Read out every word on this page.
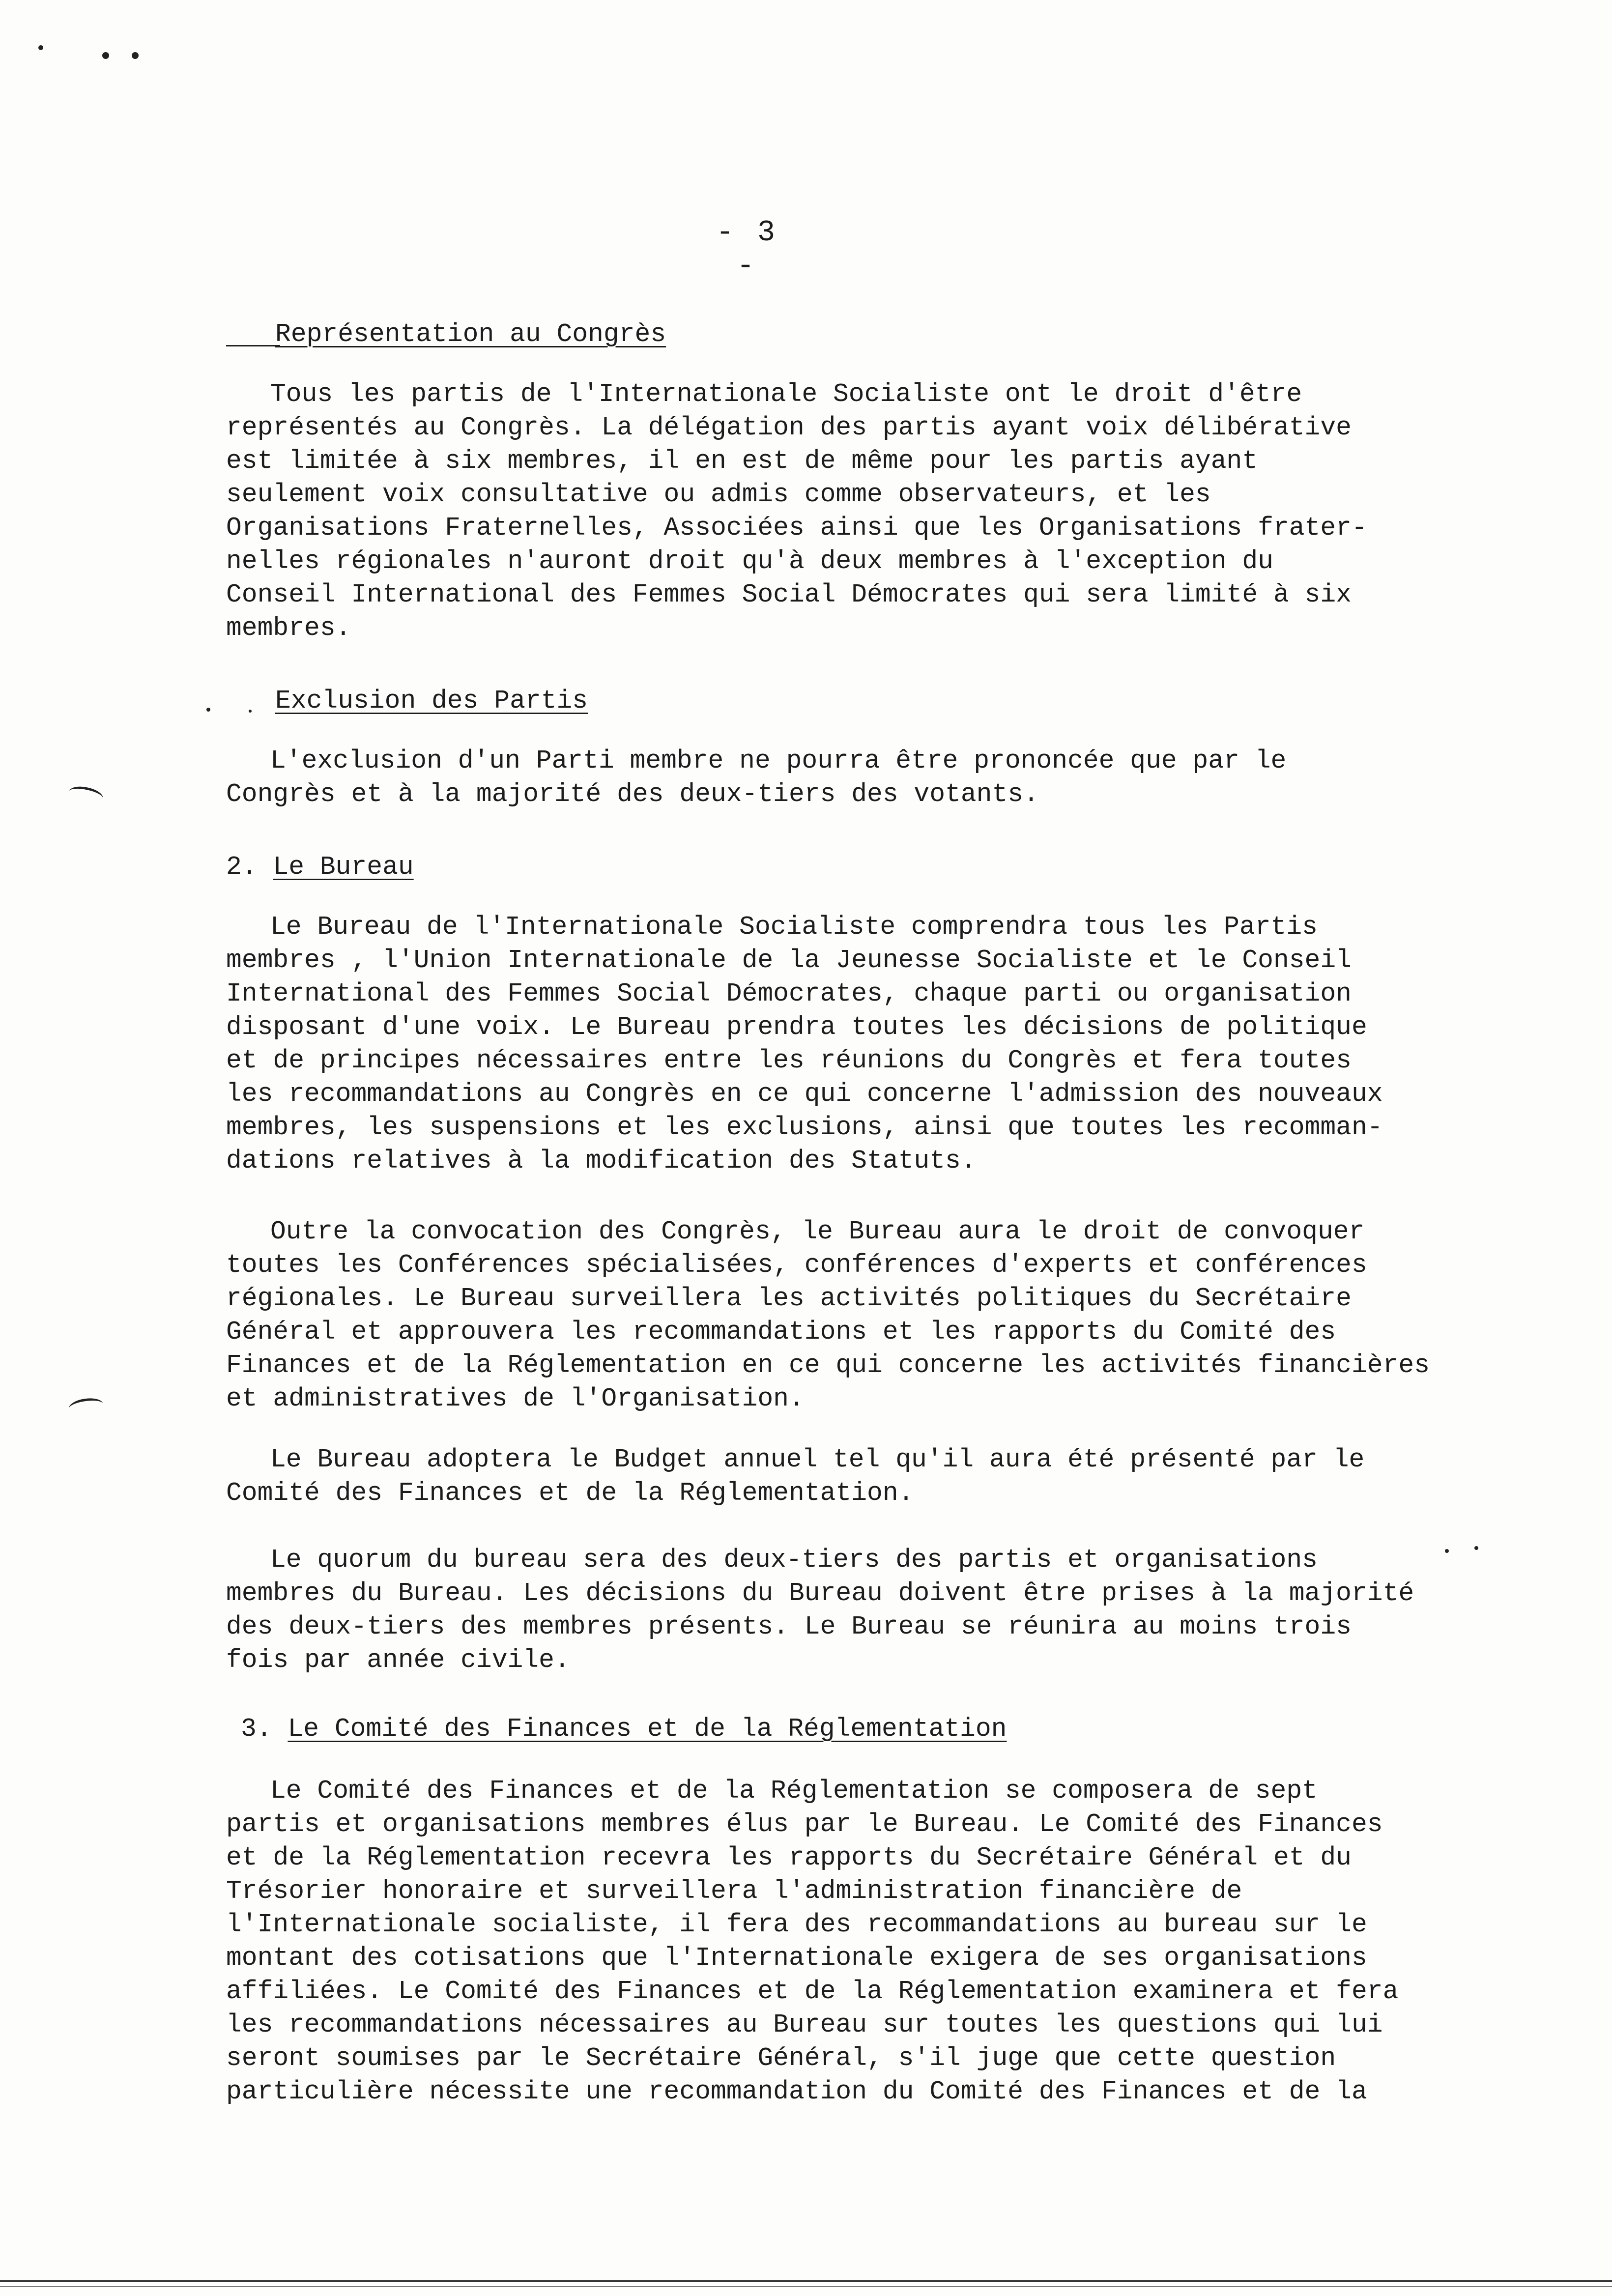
- 3 -
Représentation au Congrès
Tous les partis de l'Internationale Socialiste ont le droit d'être
représentés au Congrès. La délégation des partis ayant voix délibérative
est limitée à six membres, il en est de même pour les partis ayant
seulement voix consultative ou admis comme observateurs, et les
Organisations Fraternelles, Associées ainsi que les Organisations frater-
nelles régionales n'auront droit qu'à deux membres à l'exception du
Conseil International des Femmes Social Démocrates qui sera limité à six
membres.
Exclusion des Partis
L'exclusion d'un Parti membre ne pourra être prononcée que par le
Congrès et à la majorité des deux-tiers des votants.
2. Le Bureau
Le Bureau de l'Internationale Socialiste comprendra tous les Partis
membres , l'Union Internationale de la Jeunesse Socialiste et le Conseil
International des Femmes Social Démocrates, chaque parti ou organisation
disposant d'une voix. Le Bureau prendra toutes les décisions de politique
et de principes nécessaires entre les réunions du Congrès et fera toutes
les recommandations au Congrès en ce qui concerne l'admission des nouveaux
membres, les suspensions et les exclusions, ainsi que toutes les recomman-
dations relatives à la modification des Statuts.
Outre la convocation des Congrès, le Bureau aura le droit de convoquer
toutes les Conférences spécialisées, conférences d'experts et conférences
régionales. Le Bureau surveillera les activités politiques du Secrétaire
Général et approuvera les recommandations et les rapports du Comité des
Finances et de la Réglementation en ce qui concerne les activités financières
et administratives de l'Organisation.
Le Bureau adoptera le Budget annuel tel qu'il aura été présenté par le
Comité des Finances et de la Réglementation.
Le quorum du bureau sera des deux-tiers des partis et organisations
membres du Bureau. Les décisions du Bureau doivent être prises à la majorité
des deux-tiers des membres présents. Le Bureau se réunira au moins trois
fois par année civile.
3. Le Comité des Finances et de la Réglementation
Le Comité des Finances et de la Réglementation se composera de sept
partis et organisations membres élus par le Bureau. Le Comité des Finances
et de la Réglementation recevra les rapports du Secrétaire Général et du
Trésorier honoraire et surveillera l'administration financière de
l'Internationale socialiste, il fera des recommandations au bureau sur le
montant des cotisations que l'Internationale exigera de ses organisations
affiliées. Le Comité des Finances et de la Réglementation examinera et fera
les recommandations nécessaires au Bureau sur toutes les questions qui lui
seront soumises par le Secrétaire Général, s'il juge que cette question
particulière nécessite une recommandation du Comité des Finances et de la
